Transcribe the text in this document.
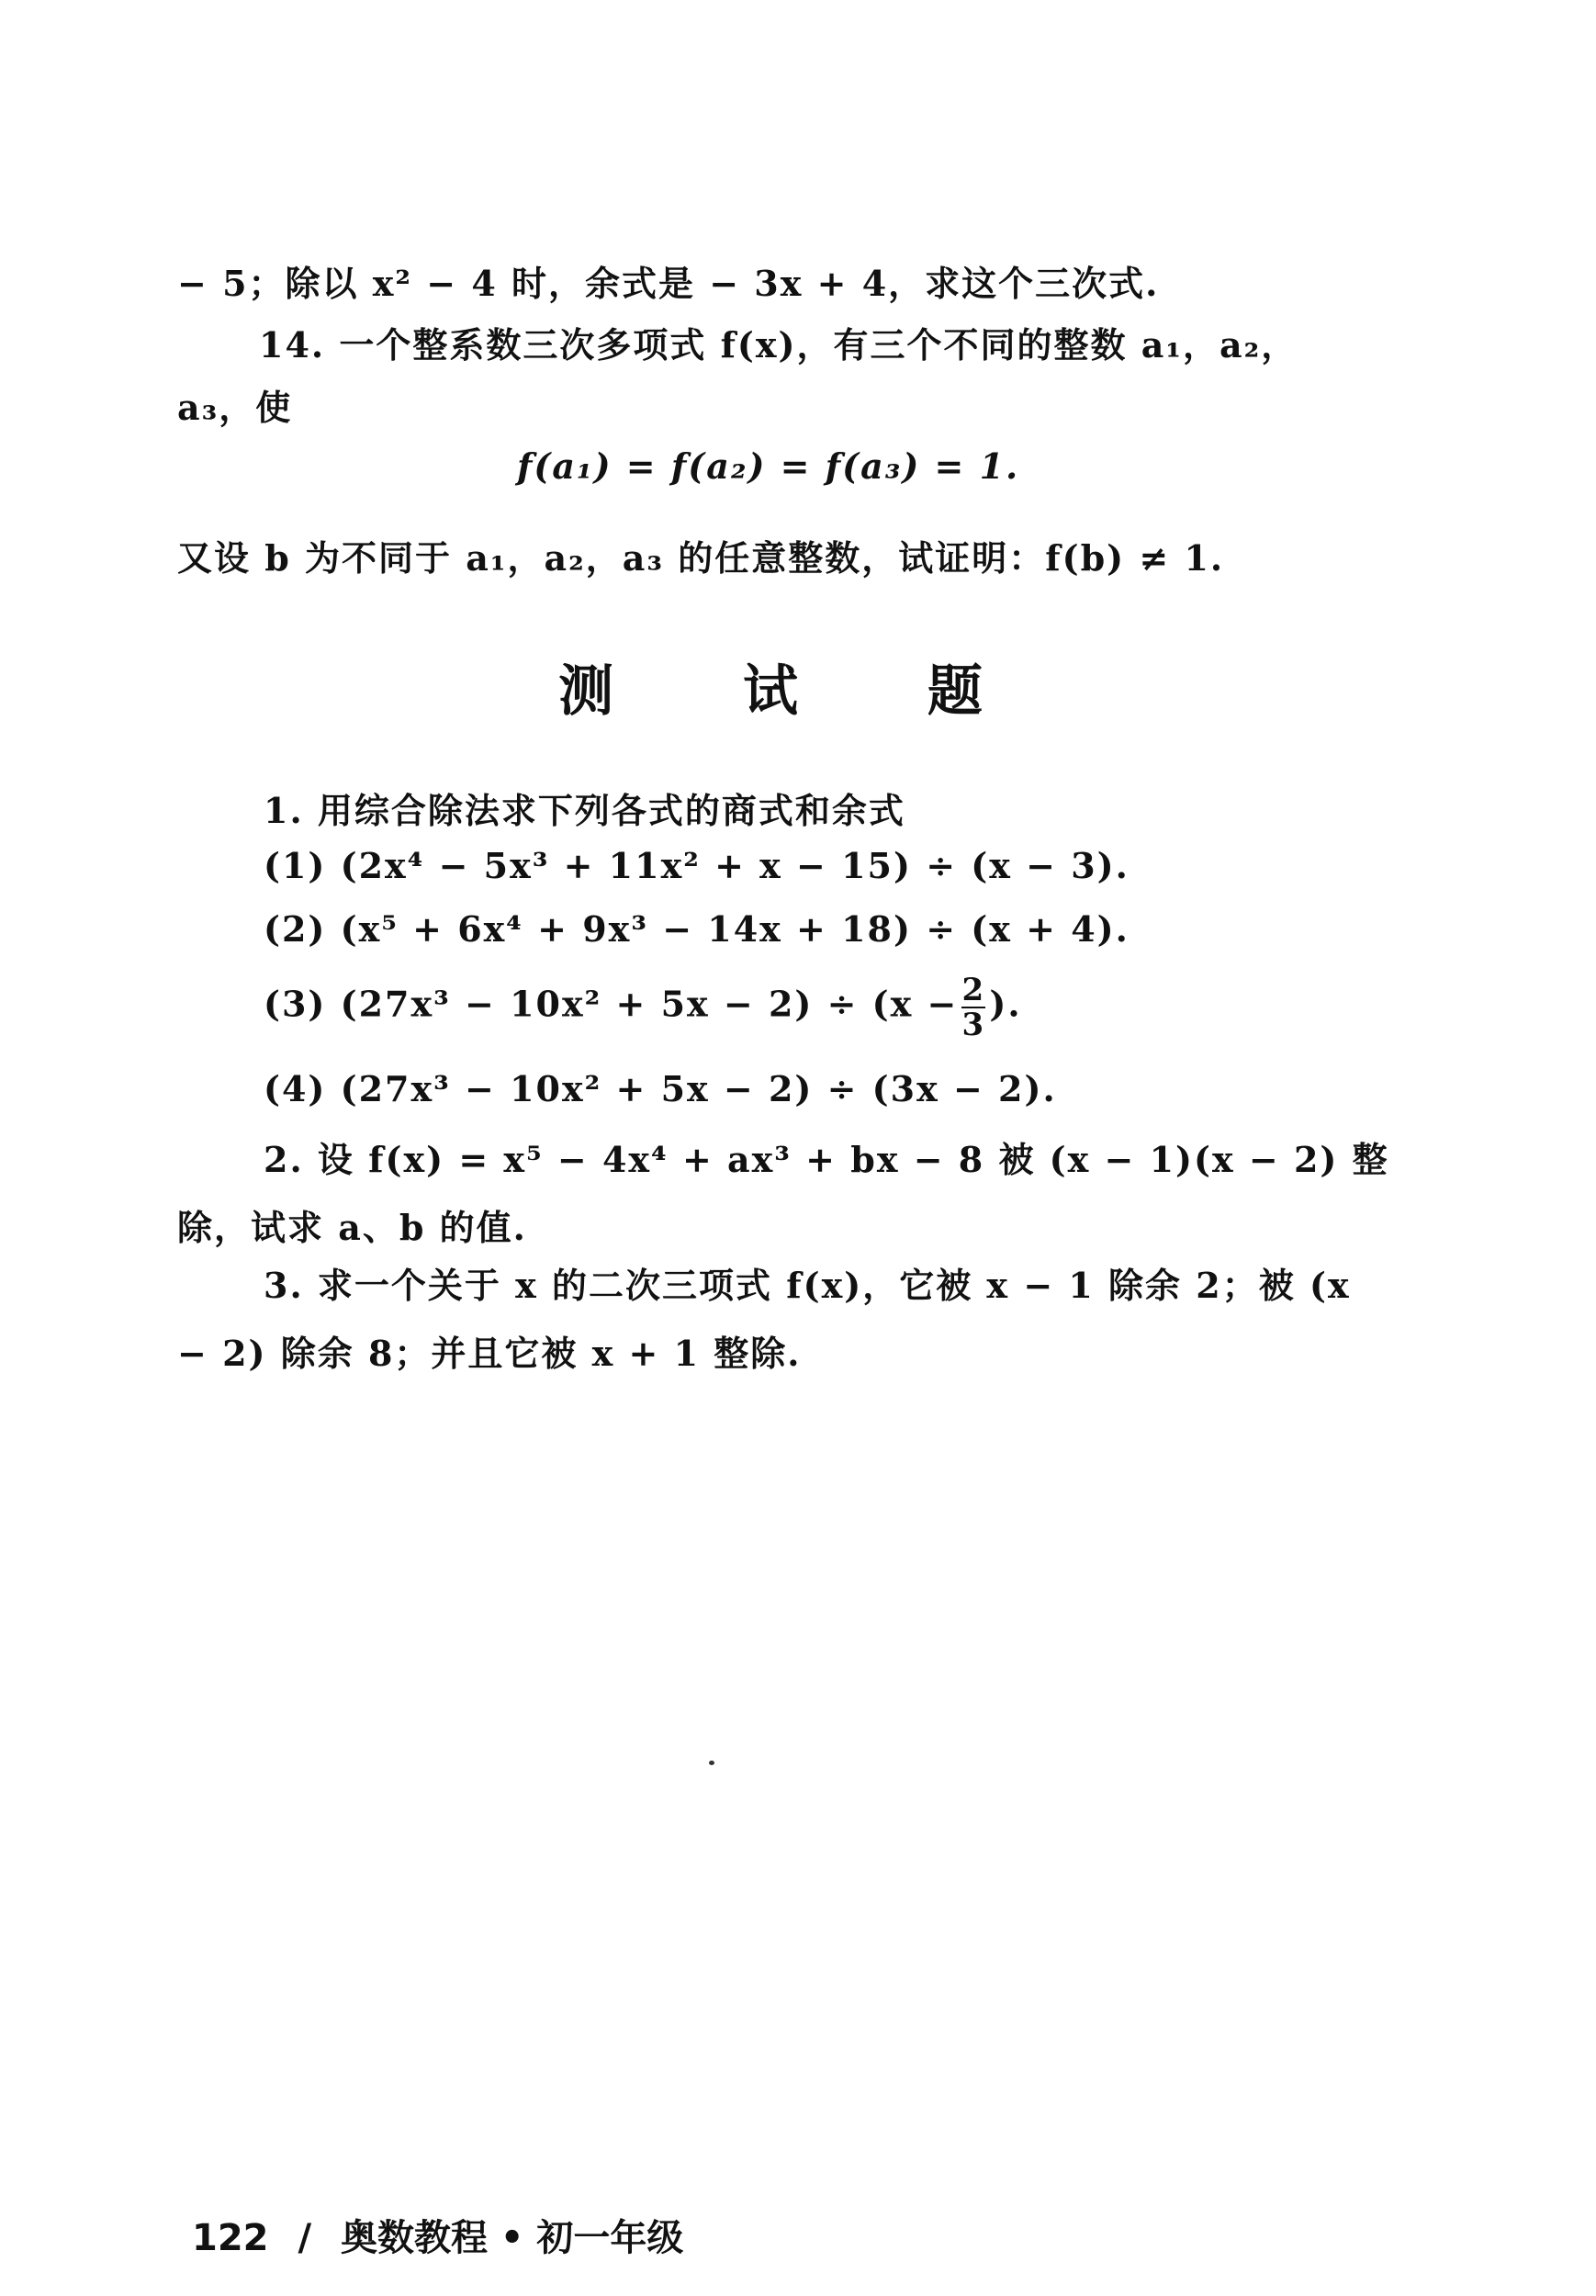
− 5；除以 x² − 4 时，余式是 − 3x + 4，求这个三次式.
14. 一个整系数三次多项式 f(x)，有三个不同的整数 a₁，a₂，
a₃，使
f(a₁) = f(a₂) = f(a₃) = 1.
又设 b 为不同于 a₁，a₂，a₃ 的任意整数，试证明：f(b) ≠ 1.
测 试 题
1. 用综合除法求下列各式的商式和余式
(1) (2x⁴ − 5x³ + 11x² + x − 15) ÷ (x − 3).
(2) (x⁵ + 6x⁴ + 9x³ − 14x + 18) ÷ (x + 4).
(3) $(27x^3 - 10x^2 + 5x - 2) \div (x - \frac{2}{3}$ ).
(4) (27x³ − 10x² + 5x − 2) ÷ (3x − 2).
2. 设 f(x) = x⁵ − 4x⁴ + ax³ + bx − 8 被 (x − 1)(x − 2) 整
除，试求 a、b 的值.
3. 求一个关于 x 的二次三项式 f(x)，它被 x − 1 除余 2；被 (x
− 2) 除余 8；并且它被 x + 1 整除.
122 / 奥数教程 • 初一年级
